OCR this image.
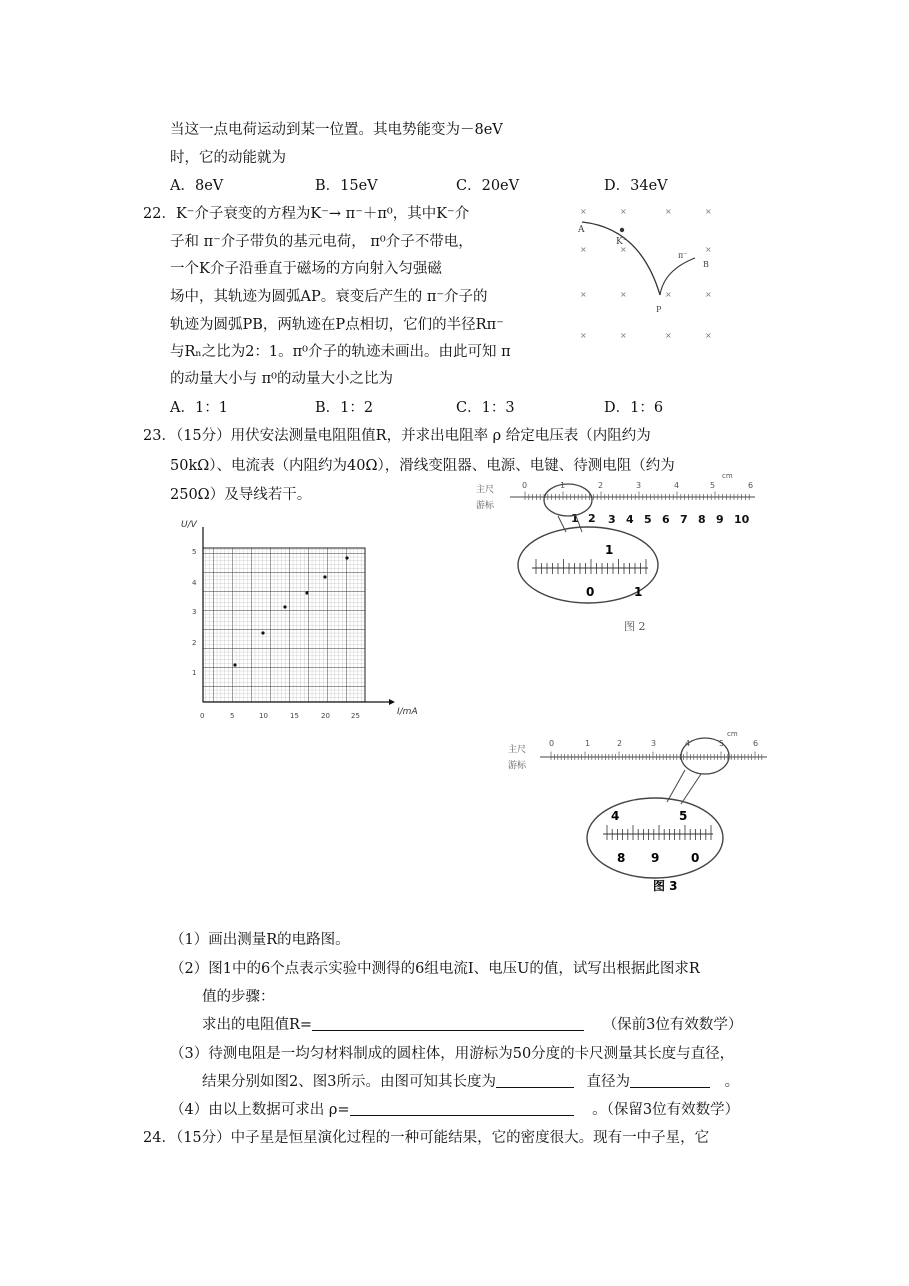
当这一点电荷运动到某一位置。其电势能变为－8eV
时，它的动能就为
A．8eV	B．15eV	C．20eV	D．34eV
22．K⁻介子衰变的方程为K⁻→ π⁻＋π⁰，其中K⁻介
子和 π⁻介子带负的基元电荷， π⁰介子不带电，
一个K介子沿垂直于磁场的方向射入匀强磁
场中，其轨迹为圆弧AP。衰变后产生的 π⁻介子的
轨迹为圆弧PB，两轨迹在P点相切，它们的半径Rπ⁻
与Rₙ之比为2：1。π⁰介子的轨迹未画出。由此可知 π
的动量大小与 π⁰的动量大小之比为
A．1：1	B．1：2	C．1：3	D．1：6
×	×	×	×
×	×	×
×	×	×	×
×	×	×	×
A
K⁻
π⁻
B
P
23．（15分）用伏安法测量电阻阻值R，并求出电阻率 ρ 给定电压表（内阻约为
50kΩ）、电流表（内阻约为40Ω），滑线变阻器、电源、电键、待测电阻（约为
250Ω）及导线若干。
U/V
I/mA
5
4
3
2
1
0	5	10	15	20	25
主尺
游标
cm
0	1	2	3	4	5	6
1 2 3 4 5 6 7 8 9 10
1
0	1
图 2
主尺
游标
cm
0	1	2	3	4	5	6
4	5
8 9	0
图 3
（1）画出测量R的电路图。
（2）图1中的6个点表示实验中测得的6组电流I、电压U的值，试写出根据此图求R
值的步骤：
求出的电阻值R=	（保前3位有效数学）
（3）待测电阻是一均匀材料制成的圆柱体，用游标为50分度的卡尺测量其长度与直径，
结果分别如图2、图3所示。由图可知其长度为	直径为	。
（4）由以上数据可求出 ρ=	。（保留3位有效数学）
24．（15分）中子星是恒星演化过程的一种可能结果，它的密度很大。现有一中子星，它
